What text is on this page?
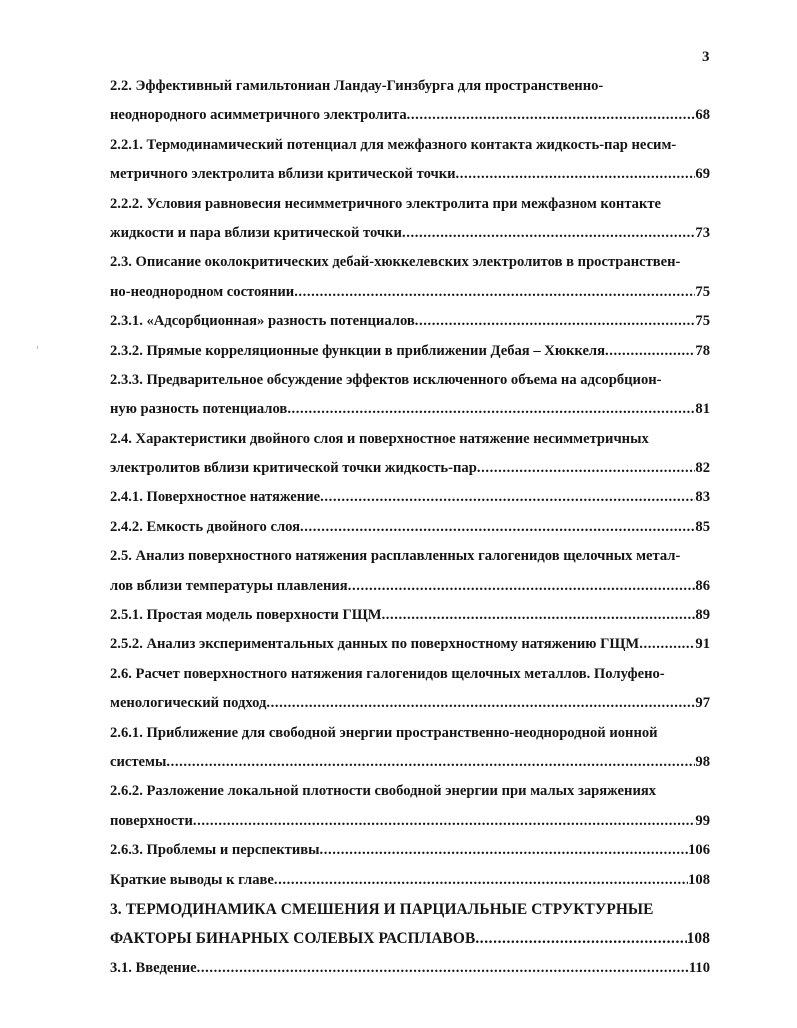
3
2.2. Эффективный гамильтониан Ландау-Гинзбурга для пространственно-
неоднородного асимметричного электролита .....	68
2.2.1. Термодинамический потенциал для межфазного контакта жидкость-пар несим-
метричного электролита вблизи критической точки .....	69
2.2.2. Условия равновесия несимметричного электролита при межфазном контакте
жидкости и пара вблизи критической точки .....	73
2.3. Описание околокритических дебай-хюккелевских электролитов в пространствен-
но-неоднородном состоянии .....	75
2.3.1. «Адсорбционная» разность потенциалов .....	75
2.3.2. Прямые корреляционные функции в приближении Дебая – Хюккеля .....	78
2.3.3. Предварительное обсуждение эффектов исключенного объема на адсорбцион-
ную разность потенциалов .....	81
2.4. Характеристики двойного слоя и поверхностное натяжение несимметричных
электролитов вблизи критической точки жидкость-пар .....	82
2.4.1. Поверхностное натяжение .....	83
2.4.2. Емкость двойного слоя .....	85
2.5. Анализ поверхностного натяжения расплавленных галогенидов щелочных метал-
лов вблизи температуры плавления .....	86
2.5.1. Простая модель поверхности ГЩМ .....	89
2.5.2. Анализ экспериментальных данных по поверхностному натяжению ГЩМ .....	91
2.6. Расчет поверхностного натяжения галогенидов щелочных металлов. Полуфено-
менологический подход .....	97
2.6.1. Приближение для свободной энергии пространственно-неоднородной ионной
системы .....	98
2.6.2. Разложение локальной плотности свободной энергии при малых заряжениях
поверхности .....	99
2.6.3. Проблемы и перспективы .....	106
Краткие выводы к главе .....	108
3. ТЕРМОДИНАМИКА СМЕШЕНИЯ И ПАРЦИАЛЬНЫЕ СТРУКТУРНЫЕ
ФАКТОРЫ БИНАРНЫХ СОЛЕВЫХ РАСПЛАВОВ .....	108
3.1. Введение .....	110
